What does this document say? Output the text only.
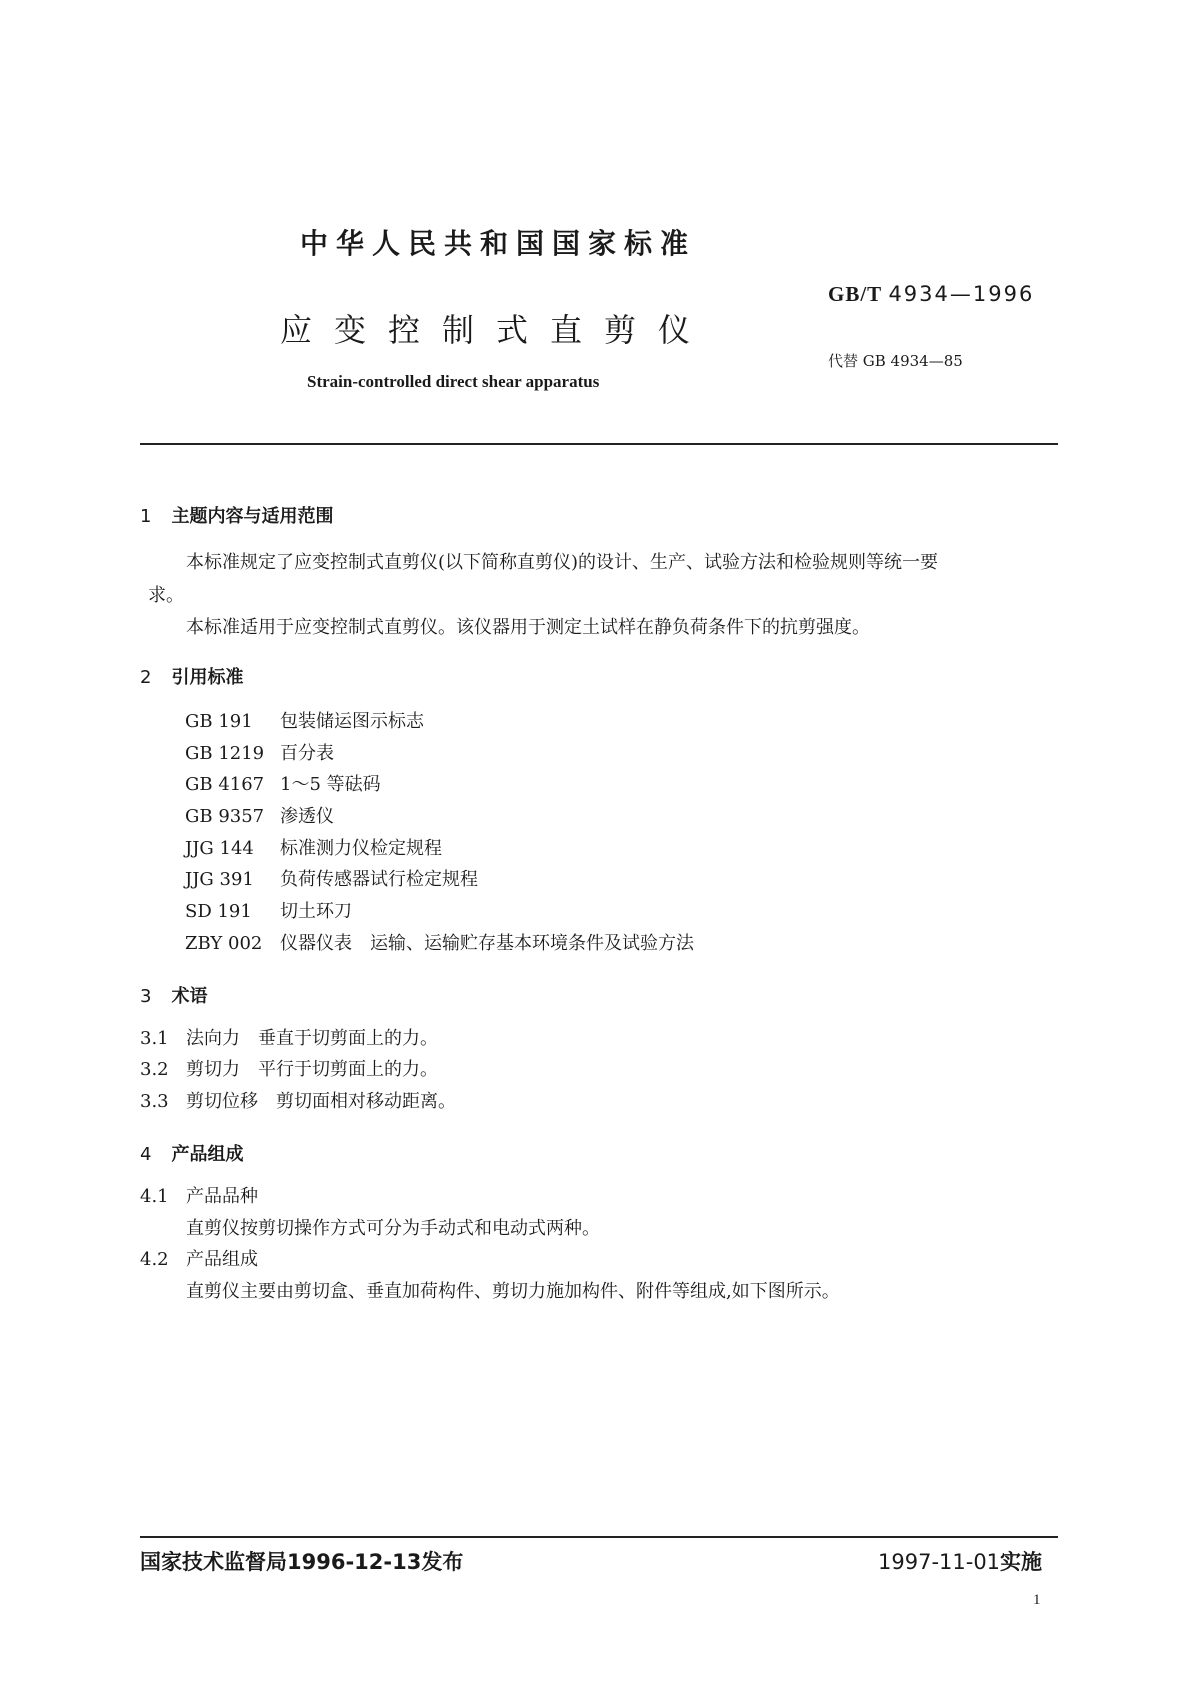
中华人民共和国国家标准
应变控制式直剪仪
Strain-controlled direct shear apparatus
GB/T 4934—1996
代替 GB 4934—85
1 主题内容与适用范围
本标准规定了应变控制式直剪仪(以下简称直剪仪)的设计、生产、试验方法和检验规则等统一要
求。
本标准适用于应变控制式直剪仪。该仪器用于测定土试样在静负荷条件下的抗剪强度。
2 引用标准
GB 191 包装储运图示标志
GB 1219 百分表
GB 4167 1～5 等砝码
GB 9357 渗透仪
JJG 144 标准测力仪检定规程
JJG 391 负荷传感器试行检定规程
SD 191 切土环刀
ZBY 002 仪器仪表　运输、运输贮存基本环境条件及试验方法
3 术语
3.1 法向力　 垂直于切剪面上的力。
3.2 剪切力　 平行于切剪面上的力。
3.3 剪切位移　 剪切面相对移动距离。
4 产品组成
4.1 产品品种
直剪仪按剪切操作方式可分为手动式和电动式两种。
4.2 产品组成
直剪仪主要由剪切盒、垂直加荷构件、剪切力施加构件、附件等组成,如下图所示。
国家技术监督局1996-12-13发布	1997-11-01实施
1
